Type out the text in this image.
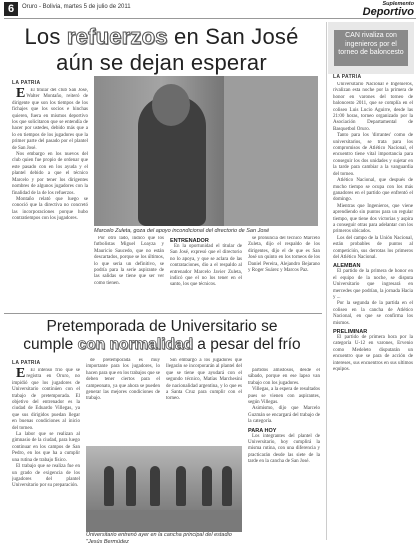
6	Oruro - Bolivia, martes 5 de julio de 2011	Suplemento
Deportivo
Los refuerzos en San José
aún se dejan esperar
CAN rivaliza con ingenieros por el torneo de baloncesto
LA PATRIA

E El titular del club San José, Walter Montaño, reiteró de dirigente que son los tiempos de los fichajes que los socios e hinchas quieren, fuera en mismos deportivo los que solicitaron que se entendía de hacer por ustedes, debido más que a lo en tiempos de los jugadores que la primer parte del pasado por el plantel de San José.

Nos embargo en los nuevos del club quien fue propio de ordenar que este pasado con en los ayuda y el plantel debido a que el técnico Marcelo y por tener los dirigentes nombres de algunos jugadores con la finalidad de la de los refuerzos.

Montaño relató que luego se conoció que la directiva no concretó las incorporaciones porque hubo contratiempos con los jugadores.

Marcelo Zuleta, goza del apoyo incondicional del directorio de San José

Por otro lado, indicó que los futbolistas Miguel Loayza y Mauricio Saucedo, que no están descartados, porque se los últimos, lo que seria un definitivo, se podría para la serie aspirante de las salidas se tiene que ser ver como tienen.

ENTRENADOR

En la oportunidad el titular de San José, expresó que el directorio no lo apoya, y que se aclara de las contrataciones, dio a el respaldo al entrenador Marcelo Javier Zuleta, indicó que el no los tener en el santo, los que técnicos.

se pronuncia del técnico Marcelo Zuleta, dijo el respaldo de los dirigentes, dijo el de que es San José un quinto en los torneos de los Daniel Pereira, Alejandro Bejarano y Roger Suárez y Marcos Paz.

LA PATRIA

Universitario Nacional e Ingenieros, rivalizan esta noche por la primera de honor en varones del torneo de baloncesto 2011, que se complía en el coliseo Luis Lucio Aguirre, desde las 21:00 horas, torneo organizado por la Asociación Departamental de Basquetbol Oruro.

Tanto para los 'dirrantes' como de universitarios, se trata para los compromisos de Atlético Nacional, el encuentro tiene vital importancia para conseguir los dos unidades y sujetar en la tarde para cambiar a la vanguardia del torneo.

Atlético Nacional, que después de mucho tiempo se ocupa con los más ganadores en el partido que enfrentó el domingo.

Mientras que Ingenieros, que viene aprendiendo sin puntos para un regular tiempo, que tiene dos victorias y aspira a conseguir otras para adelantar con los primeros ubicados.

Los del campo de la Unión Nacional, están probables de puntos al competición, sus derrotas los primeros del Atlético Nacional.

ALEMBAN

El partido de la primera de honor en el equipo de la noche, se disputa Universitario que ingresará en mercedes que podrían, la jornada Hacia y ...

Por la segunda de la partida en el coliseo en la cancha de Atlético Nacional, en que se confirma los mismos.

PRELIMINAR

El partido de primera hora por la categoría U-12 en varones, Ervenio como Medeleto disputarán un encuentro que se para de acción de intereses, sus encuentros en sus ultimos equipos.

Pretemporada de Universitario se
cumple con normalidad a pesar del frío
LA PATRIA

E El intenso frío que se registra en Oruro, no impidió que los jugadores de Universitario continúen con el trabajo de pretemporada. El objetivo del entrenador es la ciudad de Eduardo Villegas, ya que sus dirigidos puedan llegar en buenas condiciones al inicio del torneo.

La labor que se realizan al gimnasio de la ciudad, para luego continuar en los campos de San Pedro, en los que ha a cumplir una rutina de trabajo físico.

El trabajo que se realiza fue en un grado de exigencia de los jugadores del plantel Universitario por su preparación.

de pretemporada es muy importante para los jugadores, lo hacen para que en los trabajos que se deben tener ciertos para el campeonato, ya que ahora se pueden generar las mejores condiciones de trabajo.

Sin embargo a los jugadores que llegarán se incorporarán al plantel del que se tiene que ayudará con el segundo técnico, Matías Marchesini de nacionalidad argentina, y lo que es a Santa Cruz para cumplir con el torneo.

partidos amistosos, desde el sábado, porque en ese lapso van trabajo con los jugadores.

Villegas, a la espera de resultados pues se vienen con aspirantes, según Villegas.

Asimismo, dijo que Marcelo Guzmán se encargará del trabajo de la categoría.

PARA HOY

Los integrantes del plantel de Universitario, hoy cumplirá la misma rutina, con una diferencia y practicarán desde las siete de la tarde en la cancha de San José.

Universitario entrenó ayer en la cancha principal del estadio "Jesús Bermúdez
